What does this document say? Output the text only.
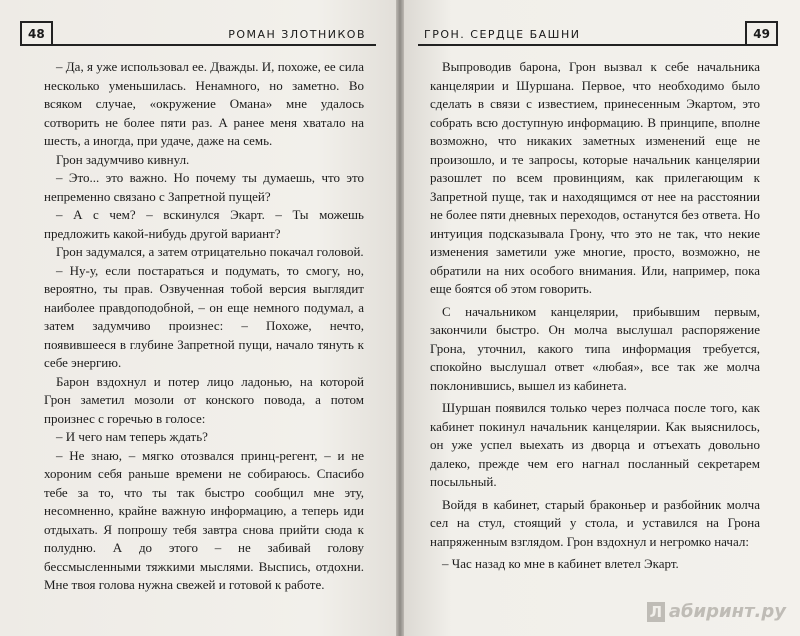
48	РОМАН ЗЛОТНИКОВ

– Да, я уже использовал ее. Дважды. И, похоже, ее сила несколько уменьшилась. Ненамного, но заметно. Во всяком случае, «окружение Омана» мне удалось сотворить не более пяти раз. А ранее меня хватало на шесть, а иногда, при удаче, даже на семь.

Грон задумчиво кивнул.

– Это... это важно. Но почему ты думаешь, что это непременно связано с Запретной пущей?

– А с чем? – вскинулся Экарт. – Ты можешь предложить какой-нибудь другой вариант?

Грон задумался, а затем отрицательно покачал головой.

– Ну-у, если постараться и подумать, то смогу, но, вероятно, ты прав. Озвученная тобой версия выглядит наиболее правдоподобной, – он еще немного подумал, а затем задумчиво произнес: – Похоже, нечто, появившееся в глубине Запретной пущи, начало тянуть к себе энергию.

Барон вздохнул и потер лицо ладонью, на которой Грон заметил мозоли от конского повода, а потом произнес с горечью в голосе:

– И чего нам теперь ждать?

– Не знаю, – мягко отозвался принц-регент, – и не хороним себя раньше времени не собираюсь. Спасибо тебе за то, что ты так быстро сообщил мне эту, несомненно, крайне важную информацию, а теперь иди отдыхать. Я попрошу тебя завтра снова прийти сюда к полудню. А до этого – не забивай голову бессмысленными тяжкими мыслями. Выспись, отдохни. Мне твоя голова нужна свежей и готовой к работе.

ГРОН. СЕРДЦЕ БАШНИ	49

Выпроводив барона, Грон вызвал к себе начальника канцелярии и Шуршана. Первое, что необходимо было сделать в связи с известием, принесенным Экартом, это собрать всю доступную информацию. В принципе, вполне возможно, что никаких заметных изменений еще не произошло, и те запросы, которые начальник канцелярии разошлет по всем провинциям, как прилегающим к Запретной пуще, так и находящимся от нее на расстоянии не более пяти дневных переходов, останутся без ответа. Но интуиция подсказывала Грону, что это не так, что некие изменения заметили уже многие, просто, возможно, не обратили на них особого внимания. Или, например, пока еще боятся об этом говорить.

С начальником канцелярии, прибывшим первым, закончили быстро. Он молча выслушал распоряжение Грона, уточнил, какого типа информация требуется, спокойно выслушал ответ «любая», все так же молча поклонившись, вышел из кабинета.

Шуршан появился только через полчаса после того, как кабинет покинул начальник канцелярии. Как выяснилось, он уже успел выехать из дворца и отъехать довольно далеко, прежде чем его нагнал посланный секретарем посыльный.

Войдя в кабинет, старый браконьер и разбойник молча сел на стул, стоящий у стола, и уставился на Грона напряженным взглядом. Грон вздохнул и негромко начал:

– Час назад ко мне в кабинет влетел Экарт.

Л абиринт.ру
